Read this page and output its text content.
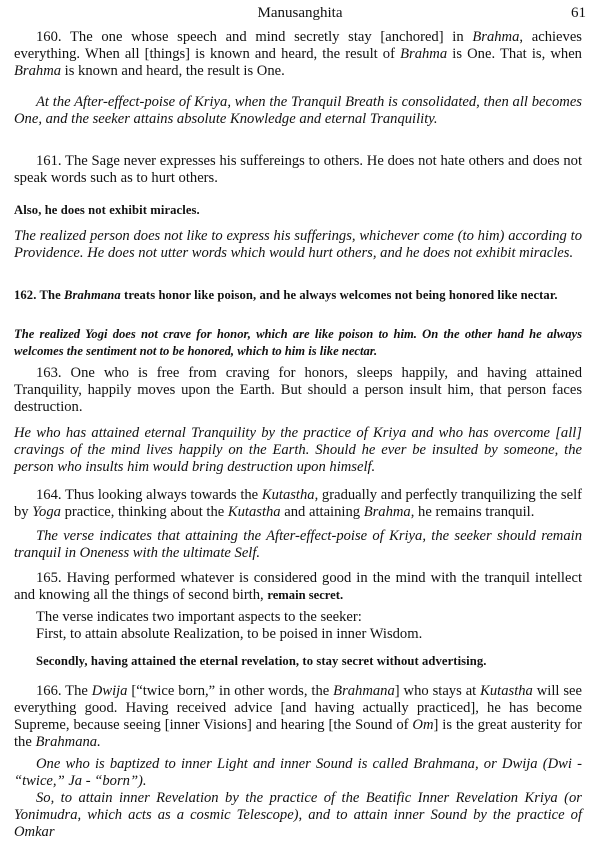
Manusanghita	61

160. The one whose speech and mind secretly stay [anchored] in Brahma, achieves everything. When all [things] is known and heard, the result of Brahma is One. That is, when Brahma is known and heard, the result is One.

At the After-effect-poise of Kriya, when the Tranquil Breath is consolidated, then all becomes One, and the seeker attains absolute Knowledge and eternal Tranquility.

161. The Sage never expresses his suffereings to others. He does not hate others and does not speak words such as to hurt others.

Also, he does not exhibit miracles.

The realized person does not like to express his sufferings, whichever come (to him) according to Providence. He does not utter words which would hurt others, and he does not exhibit miracles.

162. The Brahmana treats honor like poison, and he always welcomes not being honored like nectar.

The realized Yogi does not crave for honor, which are like poison to him. On the other hand he always welcomes the sentiment not to be honored, which to him is like nectar.

163. One who is free from craving for honors, sleeps happily, and having attained Tranquility, happily moves upon the Earth. But should a person insult him, that person faces destruction.

He who has attained eternal Tranquility by the practice of Kriya and who has overcome [all] cravings of the mind lives happily on the Earth. Should he ever be insulted by someone, the person who insults him would bring destruction upon himself.

164. Thus looking always towards the Kutastha, gradually and perfectly tranquilizing the self by Yoga practice, thinking about the Kutastha and attaining Brahma, he remains tranquil.

The verse indicates that attaining the After-effect-poise of Kriya, the seeker should remain tranquil in Oneness with the ultimate Self.

165. Having performed whatever is considered good in the mind with the tranquil intellect and knowing all the things of second birth, remain secret.

The verse indicates two important aspects to the seeker:

First, to attain absolute Realization, to be poised in inner Wisdom.

Secondly, having attained the eternal revelation, to stay secret without advertising.

166. The Dwija [“twice born,” in other words, the Brahmana] who stays at Kutastha will see everything good. Having received advice [and having actually practiced], he has become Supreme, because seeing [inner Visions] and hearing [the Sound of Om] is the great austerity for the Brahmana.

One who is baptized to inner Light and inner Sound is called Brahmana, or Dwija (Dwi - “twice,” Ja - “born”).

So, to attain inner Revelation by the practice of the Beatific Inner Revelation Kriya (or Yonimudra, which acts as a cosmic Telescope), and to attain inner Sound by the practice of Omkar
